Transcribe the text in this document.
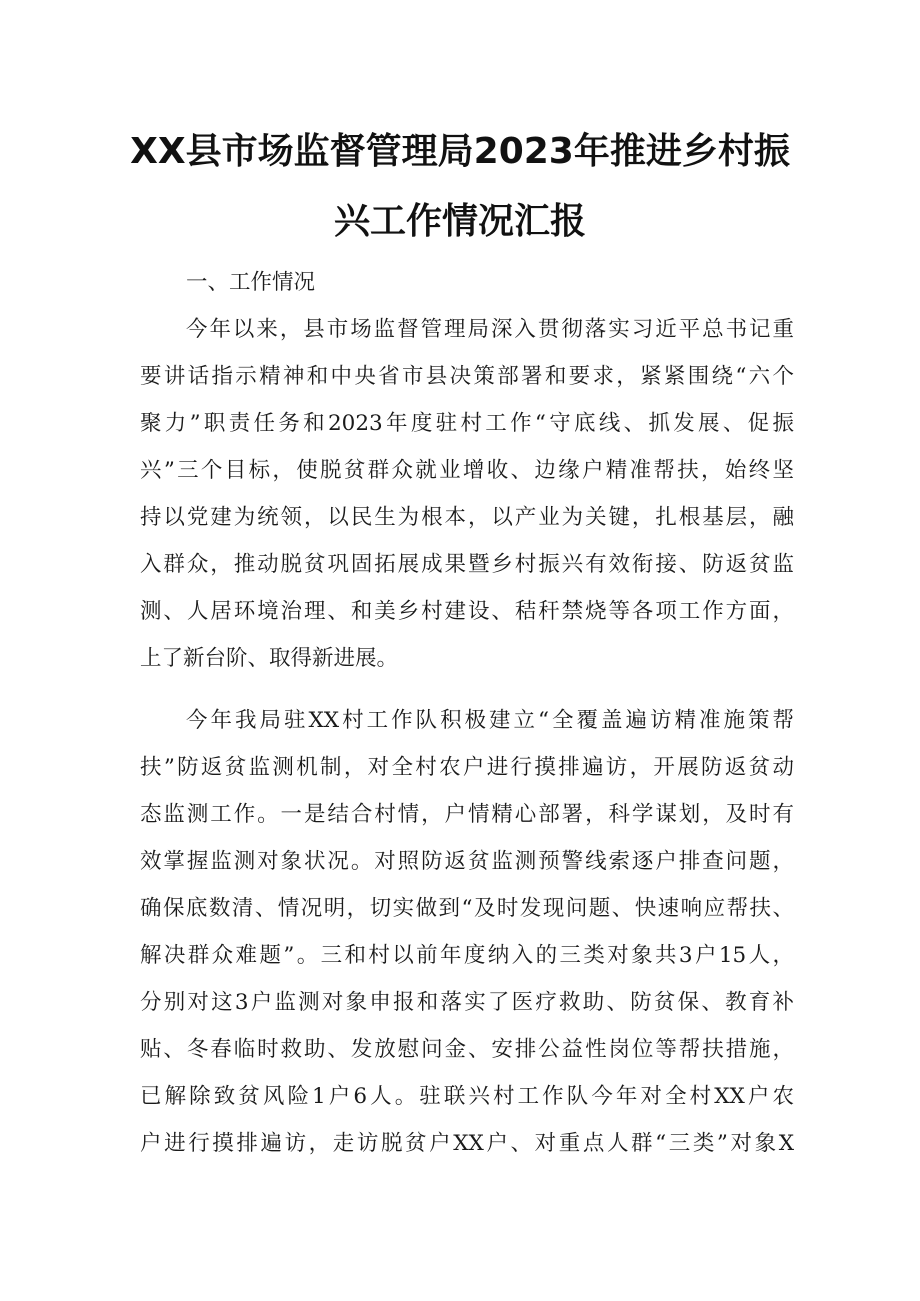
XX县市场监督管理局2023年推进乡村振
兴工作情况汇报
一、工作情况
今年以来，县市场监督管理局深入贯彻落实习近平总书记重
要讲话指示精神和中央省市县决策部署和要求，紧紧围绕“六个
聚力”职责任务和2023年度驻村工作“守底线、抓发展、促振
兴”三个目标，使脱贫群众就业增收、边缘户精准帮扶，始终坚
持以党建为统领，以民生为根本，以产业为关键，扎根基层，融
入群众，推动脱贫巩固拓展成果暨乡村振兴有效衔接、防返贫监
测、人居环境治理、和美乡村建设、秸秆禁烧等各项工作方面，
上了新台阶、取得新进展。
今年我局驻XX村工作队积极建立“全覆盖遍访精准施策帮
扶”防返贫监测机制，对全村农户进行摸排遍访，开展防返贫动
态监测工作。一是结合村情，户情精心部署，科学谋划，及时有
效掌握监测对象状况。对照防返贫监测预警线索逐户排查问题，
确保底数清、情况明，切实做到“及时发现问题、快速响应帮扶、
解决群众难题”。三和村以前年度纳入的三类对象共3户15人，
分别对这3户监测对象申报和落实了医疗救助、防贫保、教育补
贴、冬春临时救助、发放慰问金、安排公益性岗位等帮扶措施，
已解除致贫风险1户6人。驻联兴村工作队今年对全村XX户农
户进行摸排遍访，走访脱贫户XX户、对重点人群“三类”对象X
